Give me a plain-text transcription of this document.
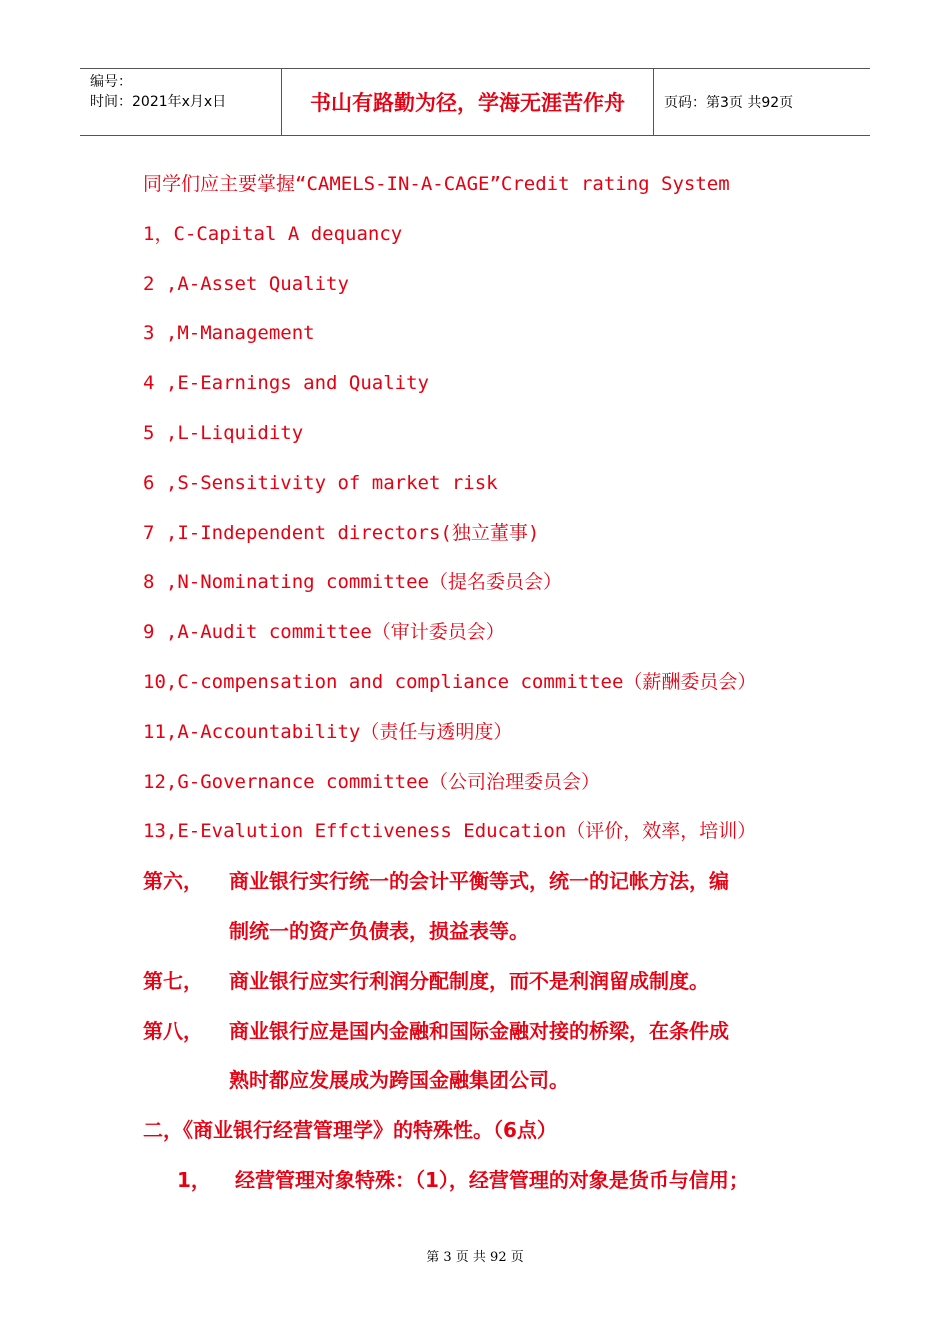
编号：
时间：2021年x月x日	书山有路勤为径，学海无涯苦作舟	页码：第3页 共92页
同学们应主要掌握“CAMELS-IN-A-CAGE”Credit rating System
1，C-Capital A dequancy
2 ,A-Asset Quality
3 ,M-Management
4 ,E-Earnings and Quality
5 ,L-Liquidity
6 ,S-Sensitivity of market risk
7 ,I-Independent directors(独立董事)
8 ,N-Nominating committee（提名委员会）
9 ,A-Audit committee（审计委员会）
10,C-compensation and compliance committee（薪酬委员会）
11,A-Accountability（责任与透明度）
12,G-Governance committee（公司治理委员会）
13,E-Evalution Effctiveness Education（评价，效率，培训）
第六，	商业银行实行统一的会计平衡等式，统一的记帐方法，编
制统一的资产负债表，损益表等。
第七，	商业银行应实行利润分配制度，而不是利润留成制度。
第八，	商业银行应是国内金融和国际金融对接的桥梁，在条件成
熟时都应发展成为跨国金融集团公司。
二，《商业银行经营管理学》的特殊性。（6点）
1，	经营管理对象特殊：（1），经营管理的对象是货币与信用；
第 3 页 共 92 页
